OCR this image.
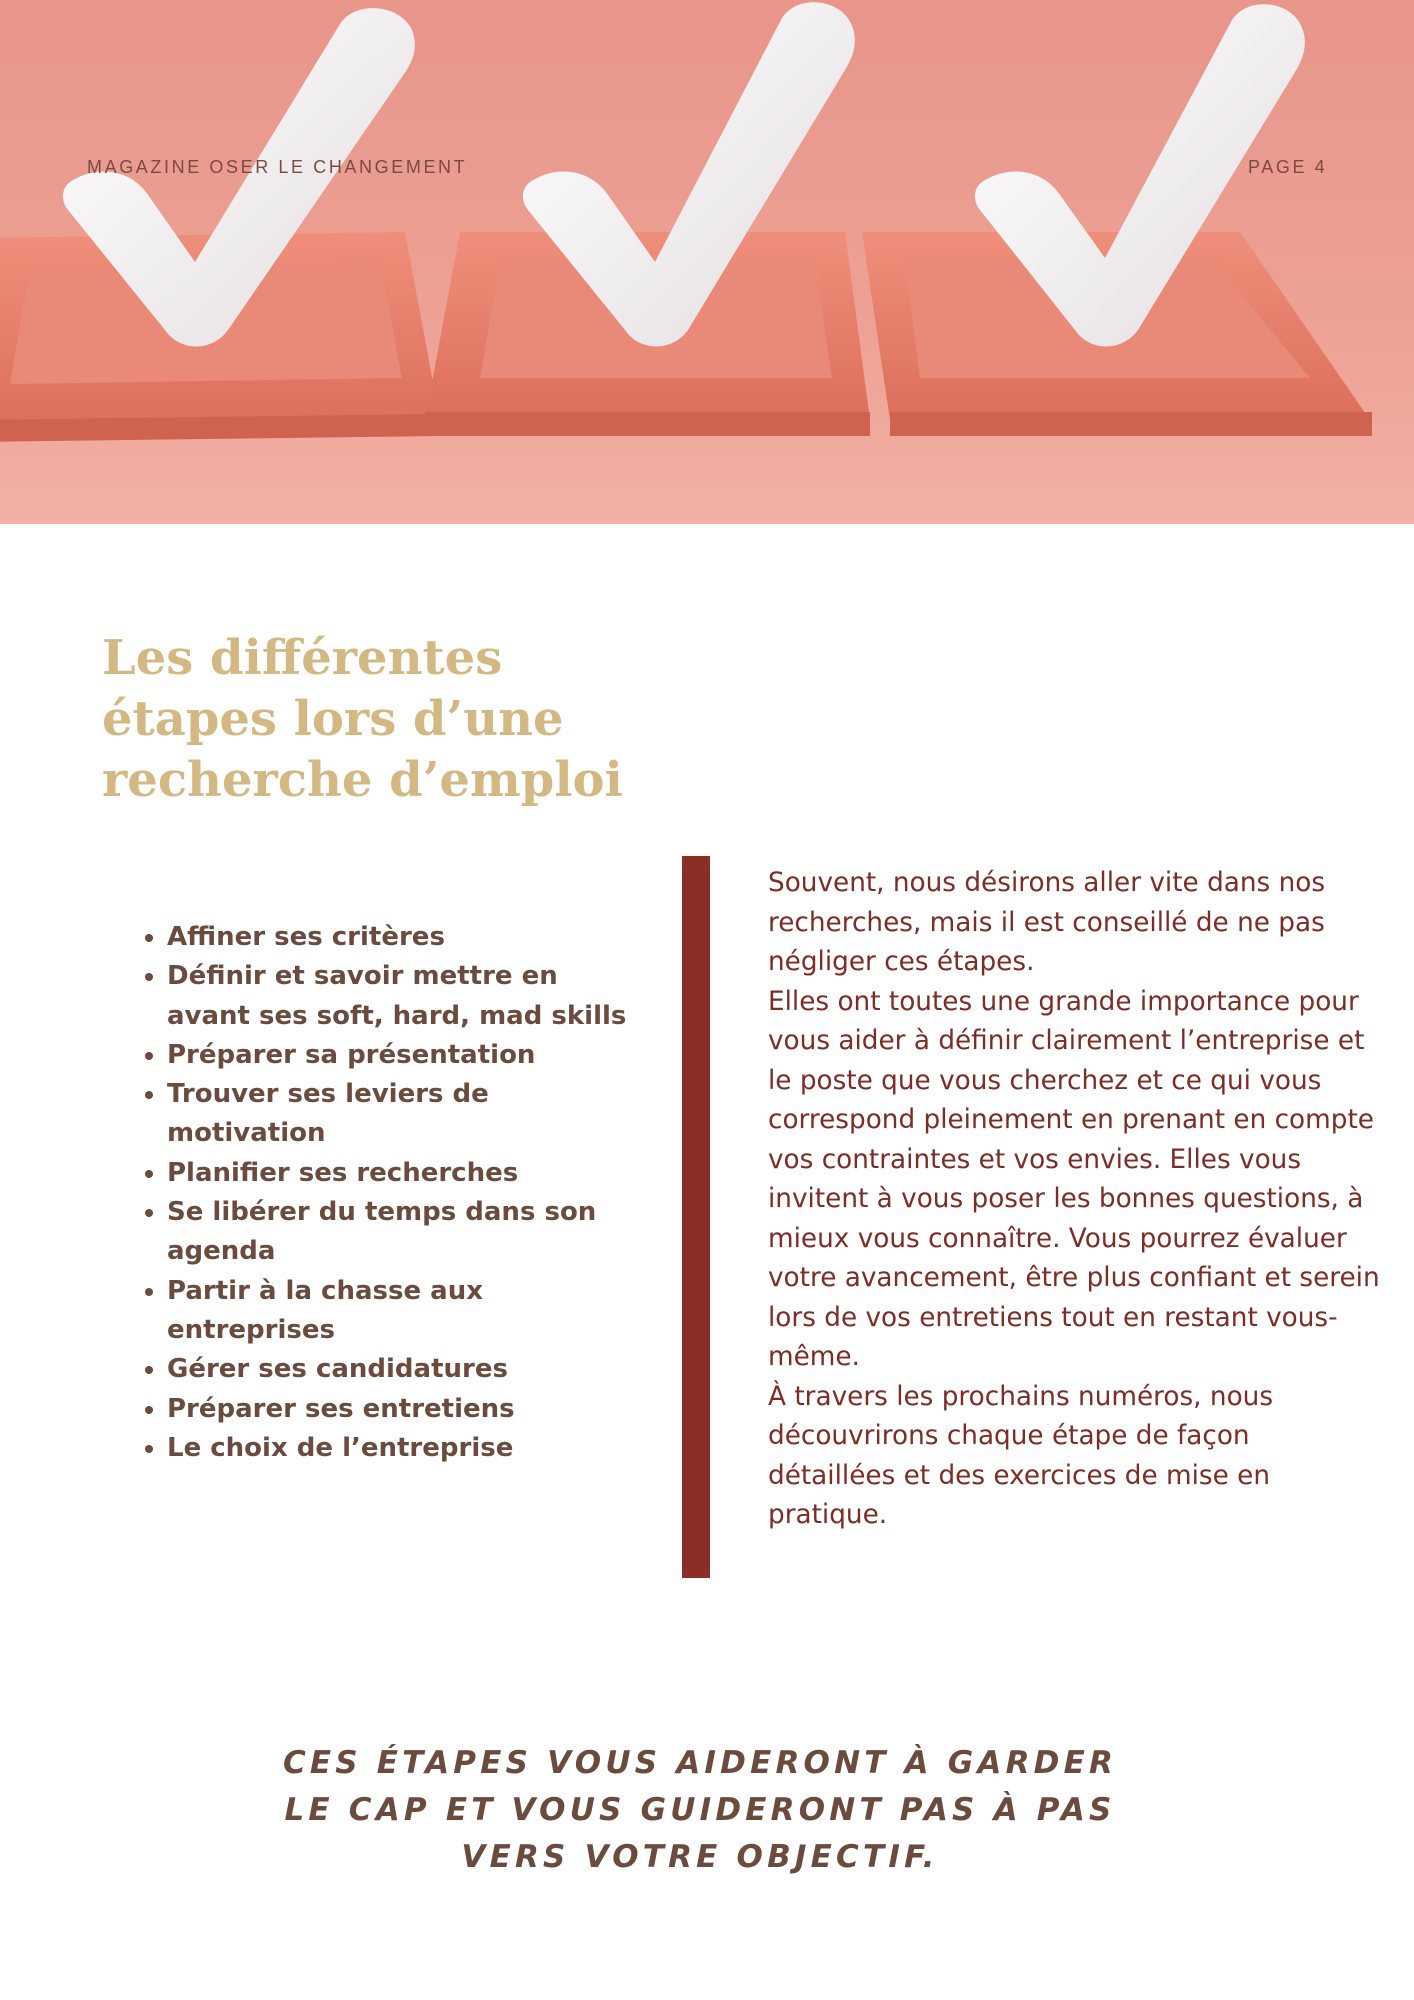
MAGAZINE OSER LE CHANGEMENT	PAGE 4
Les différentes
étapes lors d’une
recherche d’emploi
• Affiner ses critères
• Définir et savoir mettre en avant ses soft, hard, mad skills
• Préparer sa présentation
• Trouver ses leviers de motivation
• Planifier ses recherches
• Se libérer du temps dans son agenda
• Partir à la chasse aux entreprises
• Gérer ses candidatures
• Préparer ses entretiens
• Le choix de l’entreprise

Souvent, nous désirons aller vite dans nos recherches, mais il est conseillé de ne pas négliger ces étapes.

Elles ont toutes une grande importance pour vous aider à définir clairement l’entreprise et le poste que vous cherchez et ce qui vous correspond pleinement en prenant en compte vos contraintes et vos envies. Elles vous invitent à vous poser les bonnes questions, à mieux vous connaître. Vous pourrez évaluer votre avancement, être plus confiant et serein lors de vos entretiens tout en restant vous-même.

À travers les prochains numéros, nous découvrirons chaque étape de façon détaillées et des exercices de mise en pratique.

CES ÉTAPES VOUS AIDERONT À GARDER
LE CAP ET VOUS GUIDERONT PAS À PAS
VERS VOTRE OBJECTIF.
